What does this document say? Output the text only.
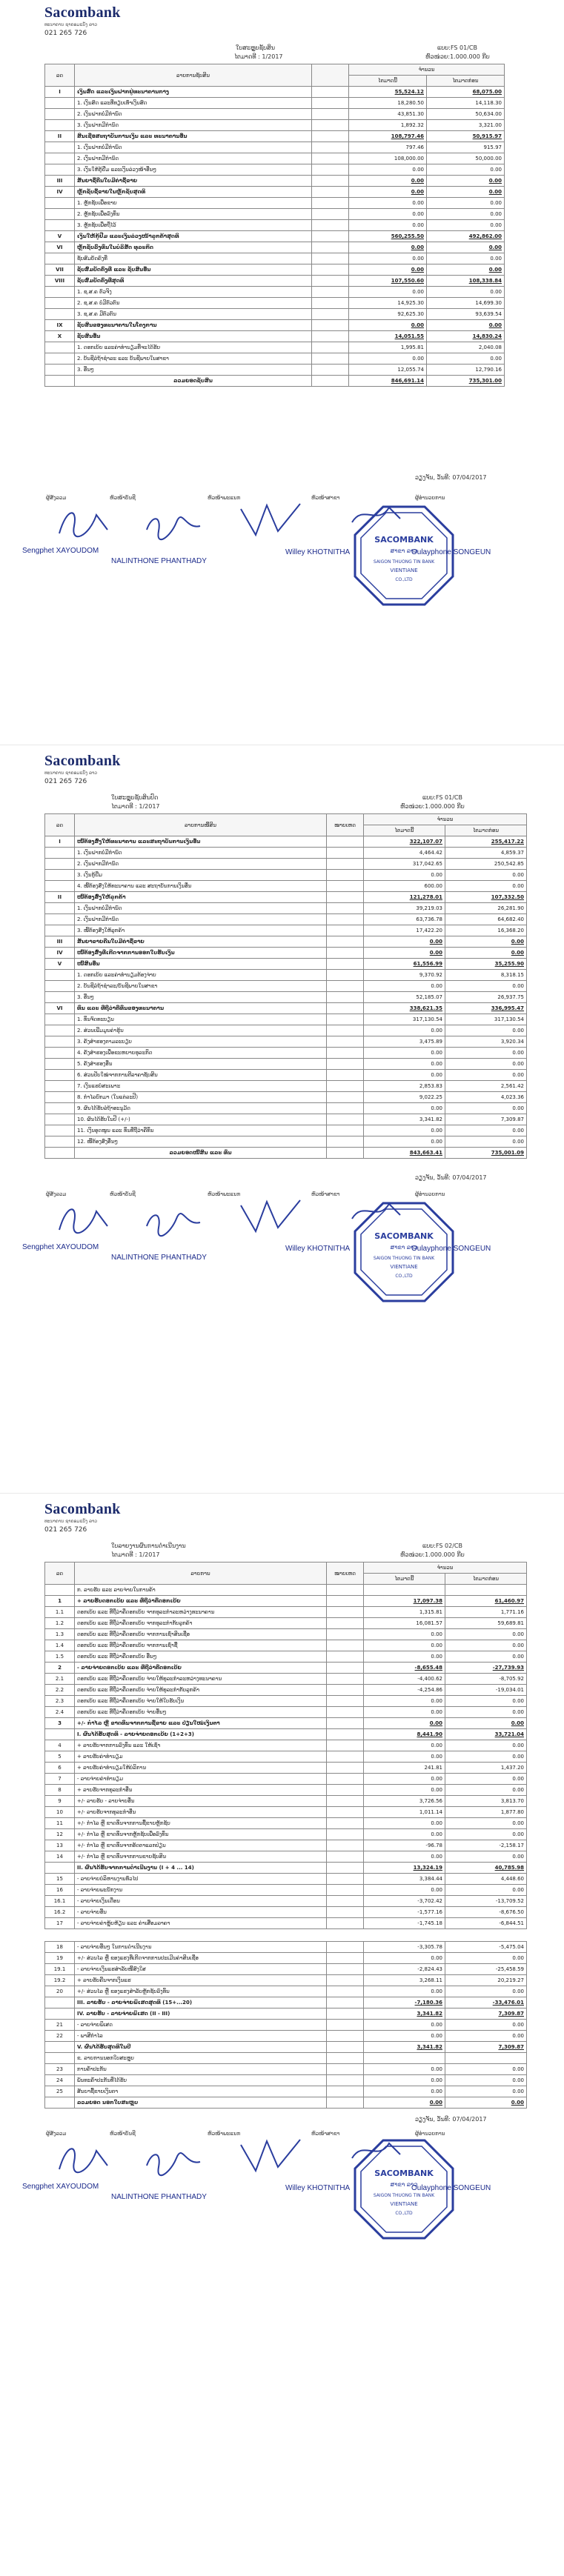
Sacombank
ທະນາຄານ ຊາຄອມແບັງ ລາວ
021 265 726
ໃບສະຫຼຸບຊັບສິນ
ໄຕມາດທີ : 1/2017
ແບບ:FS 01/CB
ຫົວໜ່ວຍ:1.000.000 ກີບ
ລດ	ລາຍການຊັບສິນ		ຈຳນວນ	
			ໄຕມາດນີ້	ໄຕມາດກ່ອນ
I	ເງິນສົດ ແລະເງິນຝາກຢູ່ທະນາຄານກາງ		55,524.12	68,075.00
	1. ເງິນສົດ ແລະທີ່ທຽບເທົ່າເງິນສົດ		18,280.50	14,118.30
	2. ເງິນຝາກບໍ່ມີກຳນົດ		43,851.30	50,634.00
	3. ເງິນຝາກມີກຳນົດ		1,892.32	3,321.00
II	ສິນເຊື່ອສະຖາບັນການເງິນ ແລະ ທະນາຄານອື່ນ		108,797.46	50,915.97
	1. ເງິນຝາກບໍ່ມີກຳນົດ		797.46	915.97
	2. ເງິນຝາກມີກຳນົດ		108,000.00	50,000.00
	3. ເງິນໃຫ້ກູ້ຢືມ ແລະເງິນລ່ວງໜ້າອື່ນໆ		0.00	0.00
III	ສັນຍາຊື້ຄືນໃບມີຄ່າຊື້ຂາຍ		0.00	0.00
IV	ຫຼັກຊັບຊື້ຂາຍໃນຫຼັກຊັບສຸດທິ		0.00	0.00
	1. ຫຼັກຊັບເພື່ອຂາຍ		0.00	0.00
	2. ຫຼັກຊັບເພື່ອລົງທຶນ		0.00	0.00
	3. ຫຼັກຊັບເພື່ອຖືໄວ້		0.00	0.00
V	ເງິນໃຫ້ກູ້ຢືມ ແລະເງິນລ່ວງໜ້າລູກຄ້າສຸດທິ		560,255.50	492,862.00
VI	ຫຼັກຊັບລົງທຶນໃນບໍລິສັດ ທຸລະກິດ		0.00	0.00
	ຊັບສົມບັດຄົງທີ່		0.00	0.00
VII	ຊັບສົມບັດຄົງທີ່ ແລະ ຊັບສິນອື່ນ		0.00	0.00
VIII	ຊັບສົມບັດຄົງທີ່ສຸດທິ		107,550.60	108,338.84
	1. ຊ.ສ.ຄ ຕົວຈິງ		0.00	0.00
	2. ຊ.ສ.ຄ ບໍ່ມີຕົວຕົນ		14,925.30	14,699.30
	3. ຊ.ສ.ຄ ມີຕົວຕົນ		92,625.30	93,639.54
IX	ຊັບສິນຂອງທະນາຄານໃນໂຄງການ		0.00	0.00
X	ຊັບສິນອື່ນ		14,051.55	14,830.24
	1. ດອກເບ້ຍ ແລະຄ່າທຳນຽມທີ່ຈະໄດ້ຮັບ		1,995.81	2,040.08
	2. ບັນຊີລໍຖ້າຊຳລະ ແລະ ບັນຊີພາຍໃນສາຂາ		0.00	0.00
	3. ອື່ນໆ		12,055.74	12,790.16
	ລວມຍອດຊັບສິນ		846,691.14	735,301.00
ວຽງຈັນ, ວັນທີ: 07/04/2017
ຜູ້ສັງລວມ	ຫົວໜ້າບັນຊີ	ຫົວໜ້າພະແນກ	ຫົວໜ້າສາຂາ	ຜູ້ອຳນວຍການ
SACOMBANK
ສາຂາ ລາວ
SAIGON THUONG TIN BANK
VIENTIANE
CO.,LTD
Sengphet XAYOUDOM
NALINTHONE PHANTHADY
Willey KHOTNITHA	Oulayphone SONGEUN
Sacombank
ທະນາຄານ ຊາຄອມແບັງ ລາວ
021 265 726
ໃບສະຫຼຸບຊັບສິນປົດ
ໄຕມາດທີ : 1/2017
ແບບ:FS 01/CB
ຫົວໜ່ວຍ:1.000.000 ກີບ
ລດ	ລາຍການໜີ້ສິນ	ໝາຍເຫດ	ຈຳນວນ	
			ໄຕມາດນີ້	ໄຕມາດກ່ອນ
I	ໜີ້ຕ້ອງສົ່ງໃຫ້ທະນາຄານ ແລະສະຖາບັນການເງິນອື່ນ		322,107.07	255,417.22
	1. ເງິນຝາກບໍ່ມີກຳນົດ		4,464.42	4,859.37
	2. ເງິນຝາກມີກຳນົດ		317,042.65	250,542.85
	3. ເງິນກູ້ຢືມ		0.00	0.00
	4. ໜີ້ຕ້ອງສົ່ງໃຫ້ທະນາຄານ ແລະ ສະຖາບັນການເງິນອື່ນ		600.00	0.00
II	ໜີ້ຕ້ອງສົ່ງໃຫ້ລູກຄ້າ		121,278.01	107,332.50
	1. ເງິນຝາກບໍ່ມີກຳນົດ		39,219.03	26,281.90
	2. ເງິນຝາກມີກຳນົດ		63,736.78	64,682.40
	3. ໜີ້ຕ້ອງສົ່ງໃຫ້ລູກຄ້າ		17,422.20	16,368.20
III	ສັນຍາຂາຍຄືນໃບມີຄ່າຊື້ຂາຍ		0.00	0.00
IV	ໜີ້ຕ້ອງສົ່ງທີ່ເກີດຈາກການອອກໃບຮັບເງິນ		0.00	0.00
V	ໜີ້ສິນອື່ນ		61,556.99	35,255.90
	1. ດອກເບ້ຍ ແລະຄ່າທຳນຽມຕ້ອງຈ່າຍ		9,370.92	8,318.15
	2. ບັນຊີລໍຖ້າຊຳລະ/ບັນຊີພາຍໃນສາຂາ		0.00	0.00
	3. ອື່ນໆ		52,185.07	26,937.75
VI	ທຶນ ແລະ ທີ່ຖືວ່າຄືທຶນຂອງທະນາຄານ		338,621.35	336,995.47
	1. ທຶນຈົດທະບຽນ		317,130.54	317,130.54
	2. ສ່ວນເພີ່ມມູນຄ່າຮຸ້ນ		0.00	0.00
	3. ຄັງສຳຮອງຕາມລະບຽບ		3,475.89	3,920.34
	4. ຄັງສຳຮອງເພື່ອຂະຫຍາຍທຸລະກິດ		0.00	0.00
	5. ຄັງສຳຮອງອື່ນ		0.00	0.00
	6. ສ່ວນປັບໃໝ່ຈາກການຕີລາຄາຊັບສິນ		0.00	0.00
	7. ເງິນແຮບໍ່ສະເພາະ		2,853.83	2,561.42
	8. ກຳໄລຍົກມາ (ໃນແຕ່ລະປີ)		9,022.25	4,023.36
	9. ຜົນໄດ້ຮັບລໍຖ້າອະນຸມັດ		0.00	0.00
	10. ຜົນໄດ້ຮັບໃນປີ (+/-)		3,341.82	7,309.87
	11. ເງິນອຸດໜູນ ແລະ ທຶນທີ່ຖືວ່າຄືທຶນ		0.00	0.00
	12. ໜີ້ຕ້ອງສົ່ງອື່ນໆ		0.00	0.00
	ລວມຍອດໜີ້ສິນ ແລະ ທຶນ		843,663.41	735,001.09
ວຽງຈັນ, ວັນທີ: 07/04/2017
ຜູ້ສັງລວມ	ຫົວໜ້າບັນຊີ	ຫົວໜ້າພະແນກ	ຫົວໜ້າສາຂາ	ຜູ້ອຳນວຍການ
SACOMBANK
ສາຂາ ລາວ
SAIGON THUONG TIN BANK
VIENTIANE
CO.,LTD
Sengphet XAYOUDOM
NALINTHONE PHANTHADY
Willey KHOTNITHA	Oulayphone SONGEUN
Sacombank
ທະນາຄານ ຊາຄອມແບັງ ລາວ
021 265 726
ໃບລາຍງານຜົນການດຳເນີນງານ
ໄຕມາດທີ : 1/2017
ແບບ:FS 02/CB
ຫົວໜ່ວຍ:1.000.000 ກີບ
ລດ	ລາຍການ	ໝາຍເຫດ	ຈຳນວນ	
			ໄຕມາດນີ້	ໄຕມາດກ່ອນ
	ກ. ລາຍຮັບ ແລະ ລາຍຈ່າຍໃນການຄ້າ			
1	+ ລາຍຮັບດອກເບ້ຍ ແລະ ທີ່ຖືວ່າຄືດອກເບ້ຍ		17,097.38	61,460.97
1.1	ດອກເບ້ຍ ແລະ ທີ່ຖືວ່າຄືດອກເບ້ຍ ຈາກທຸລະກຳລະຫວ່າງທະນາຄານ		1,315.81	1,771.16
1.2	ດອກເບ້ຍ ແລະ ທີ່ຖືວ່າຄືດອກເບ້ຍ ຈາກທຸລະກຳກັບລູກຄ້າ		16,081.57	59,689.81
1.3	ດອກເບ້ຍ ແລະ ທີ່ຖືວ່າຄືດອກເບ້ຍ ຈາກການເຊົ່າສິນເຊື່ອ		0.00	0.00
1.4	ດອກເບ້ຍ ແລະ ທີ່ຖືວ່າຄືດອກເບ້ຍ ຈາກການເຊົ່າຊື້		0.00	0.00
1.5	ດອກເບ້ຍ ແລະ ທີ່ຖືວ່າຄືດອກເບ້ຍ ອື່ນໆ		0.00	0.00
2	- ລາຍຈ່າຍດອກເບ້ຍ ແລະ ທີ່ຖືວ່າຄືດອກເບ້ຍ		-8,655.48	-27,739.93
2.1	ດອກເບ້ຍ ແລະ ທີ່ຖືວ່າຄືດອກເບ້ຍ ຈ່າຍໃຫ້ທຸລະກຳລະຫວ່າງທະນາຄານ		-4,400.62	-8,705.92
2.2	ດອກເບ້ຍ ແລະ ທີ່ຖືວ່າຄືດອກເບ້ຍ ຈ່າຍໃຫ້ທຸລະກຳກັບລູກຄ້າ		-4,254.86	-19,034.01
2.3	ດອກເບ້ຍ ແລະ ທີ່ຖືວ່າຄືດອກເບ້ຍ ຈ່າຍໃຫ້ໃບຮັບເງິນ		0.00	0.00
2.4	ດອກເບ້ຍ ແລະ ທີ່ຖືວ່າຄືດອກເບ້ຍ ຈ່າຍອື່ນໆ		0.00	0.00
3	+/- ກຳໄລ ຫຼື ຂາດທຶນຈາກການຊື້ຂາຍ ແລະ ປ່ຽນໃໝ່ເງິນຕາ		0.00	0.00
	I. ຜົນໄດ້ຮັບສຸດທິ - ລາຍຈ່າຍດອກເບ້ຍ (1+2+3)		8,441.90	33,721.04
4	+ ລາຍຮັບຈາກການລົງທຶນ ແລະ ໃຫ້ເຊົ່າ		0.00	0.00
5	+ ລາຍຮັບຄ່າທຳນຽມ		0.00	0.00
6	+ ລາຍຮັບຄ່າທຳນຽມໃຫ້ບໍລິການ		241.81	1,437.20
7	- ລາຍຈ່າຍຄ່າທຳນຽມ		0.00	0.00
8	+ ລາຍຮັບຈາກທຸລະກຳອື່ນ		0.00	0.00
9	+/- ລາຍຮັບ - ລາຍຈ່າຍອື່ນ		3,726.56	3,813.70
10	+/- ລາຍຮັບຈາກທຸລະກຳອື່ນ		1,011.14	1,877.80
11	+/- ກຳໄລ ຫຼື ຂາດທຶນຈາກການຊື້ຂາຍຫຼັກຊັບ		0.00	0.00
12	+/- ກຳໄລ ຫຼື ຂາດທຶນຈາກຫຼັກຊັບເພື່ອລົງທຶນ		0.00	0.00
13	+/- ກຳໄລ ຫຼື ຂາດທຶນຈາກອັດຕາແລກປ່ຽນ		-96.78	-2,158.17
14	+/- ກຳໄລ ຫຼື ຂາດທຶນຈາກການຂາຍຊັບສິນ		0.00	0.00
	II. ຜົນໄດ້ຮັບຈາກການດຳເນີນງານ (I + 4 ... 14)		13,324.19	40,785.98
15	- ລາຍຈ່າຍບໍລິຫານງານທົ່ວໄປ		3,384.44	4,448.60
16	- ລາຍຈ່າຍພະນັກງານ		0.00	0.00
16.1	- ລາຍຈ່າຍເງິນເດືອນ		-3,702.42	-13,709.52
16.2	- ລາຍຈ່າຍອື່ນ		-1,577.16	-8,676.50
17	- ລາຍຈ່າຍຄ່າຫຼຸ້ຍຫ້ຽນ ແລະ ຄ່າເສື່ອມລາຄາ		-1,745.18	-6,844.51
18	- ລາຍຈ່າຍອື່ນໆ ໃນການດຳເນີນງານ		-3,305.78	-5,475.04
19	+/- ສ່ວນໄລ ຫຼື ຂອງແຮງທີ່ເກີດຈາກການປະເມີນຄ່າສິນເຊື່ອ		0.00	0.00
19.1	- ລາຍຈ່າຍເງິນແຮສຳລັບໜີ້ສົງໃສ		-2,824.43	-25,458.59
19.2	+ ລາຍຮັບຄືນຈາກເງິນແຮ		3,268.11	20,219.27
20	+/- ສ່ວນໄລ ຫຼື ຂອງແຮງສຳລັບຫຼັກຊັບລົງທຶນ		0.00	0.00
	III. ລາຍຮັບ - ລາຍຈ່າຍພິເສດສຸດທິ (15+...20)		-7,180.36	-33,476.01
	IV. ລາຍຮັບ - ລາຍຈ່າຍພິເສດ (II - III)		3,341.82	7,309.87
21	- ລາຍຈ່າຍພິເສດ		0.00	0.00
22	- ພາສີກຳໄລ		0.00	0.00
	V. ຜົນໄດ້ຮັບສຸດທິໃນປີ		3,341.82	7,309.87
	ຂ. ລາຍການນອກໃບສະຫຼຸບ			
23	ການຄ້ຳປະກັນ		0.00	0.00
24	ພັນທະຄ້ຳປະກັນທີ່ໄດ້ຮັບ		0.00	0.00
25	ສັນຍາຊື້ຂາຍເງິນຕາ		0.00	0.00
	ລວມຍອດ ນອກໃບສະຫຼຸບ		0.00	0.00
ວຽງຈັນ, ວັນທີ: 07/04/2017
ຜູ້ສັງລວມ	ຫົວໜ້າບັນຊີ	ຫົວໜ້າພະແນກ	ຫົວໜ້າສາຂາ	ຜູ້ອຳນວຍການ
SACOMBANK
ສາຂາ ລາວ
SAIGON THUONG TIN BANK
VIENTIANE
CO.,LTD
Sengphet XAYOUDOM
NALINTHONE PHANTHADY
Willey KHOTNITHA	Oulayphone SONGEUN
